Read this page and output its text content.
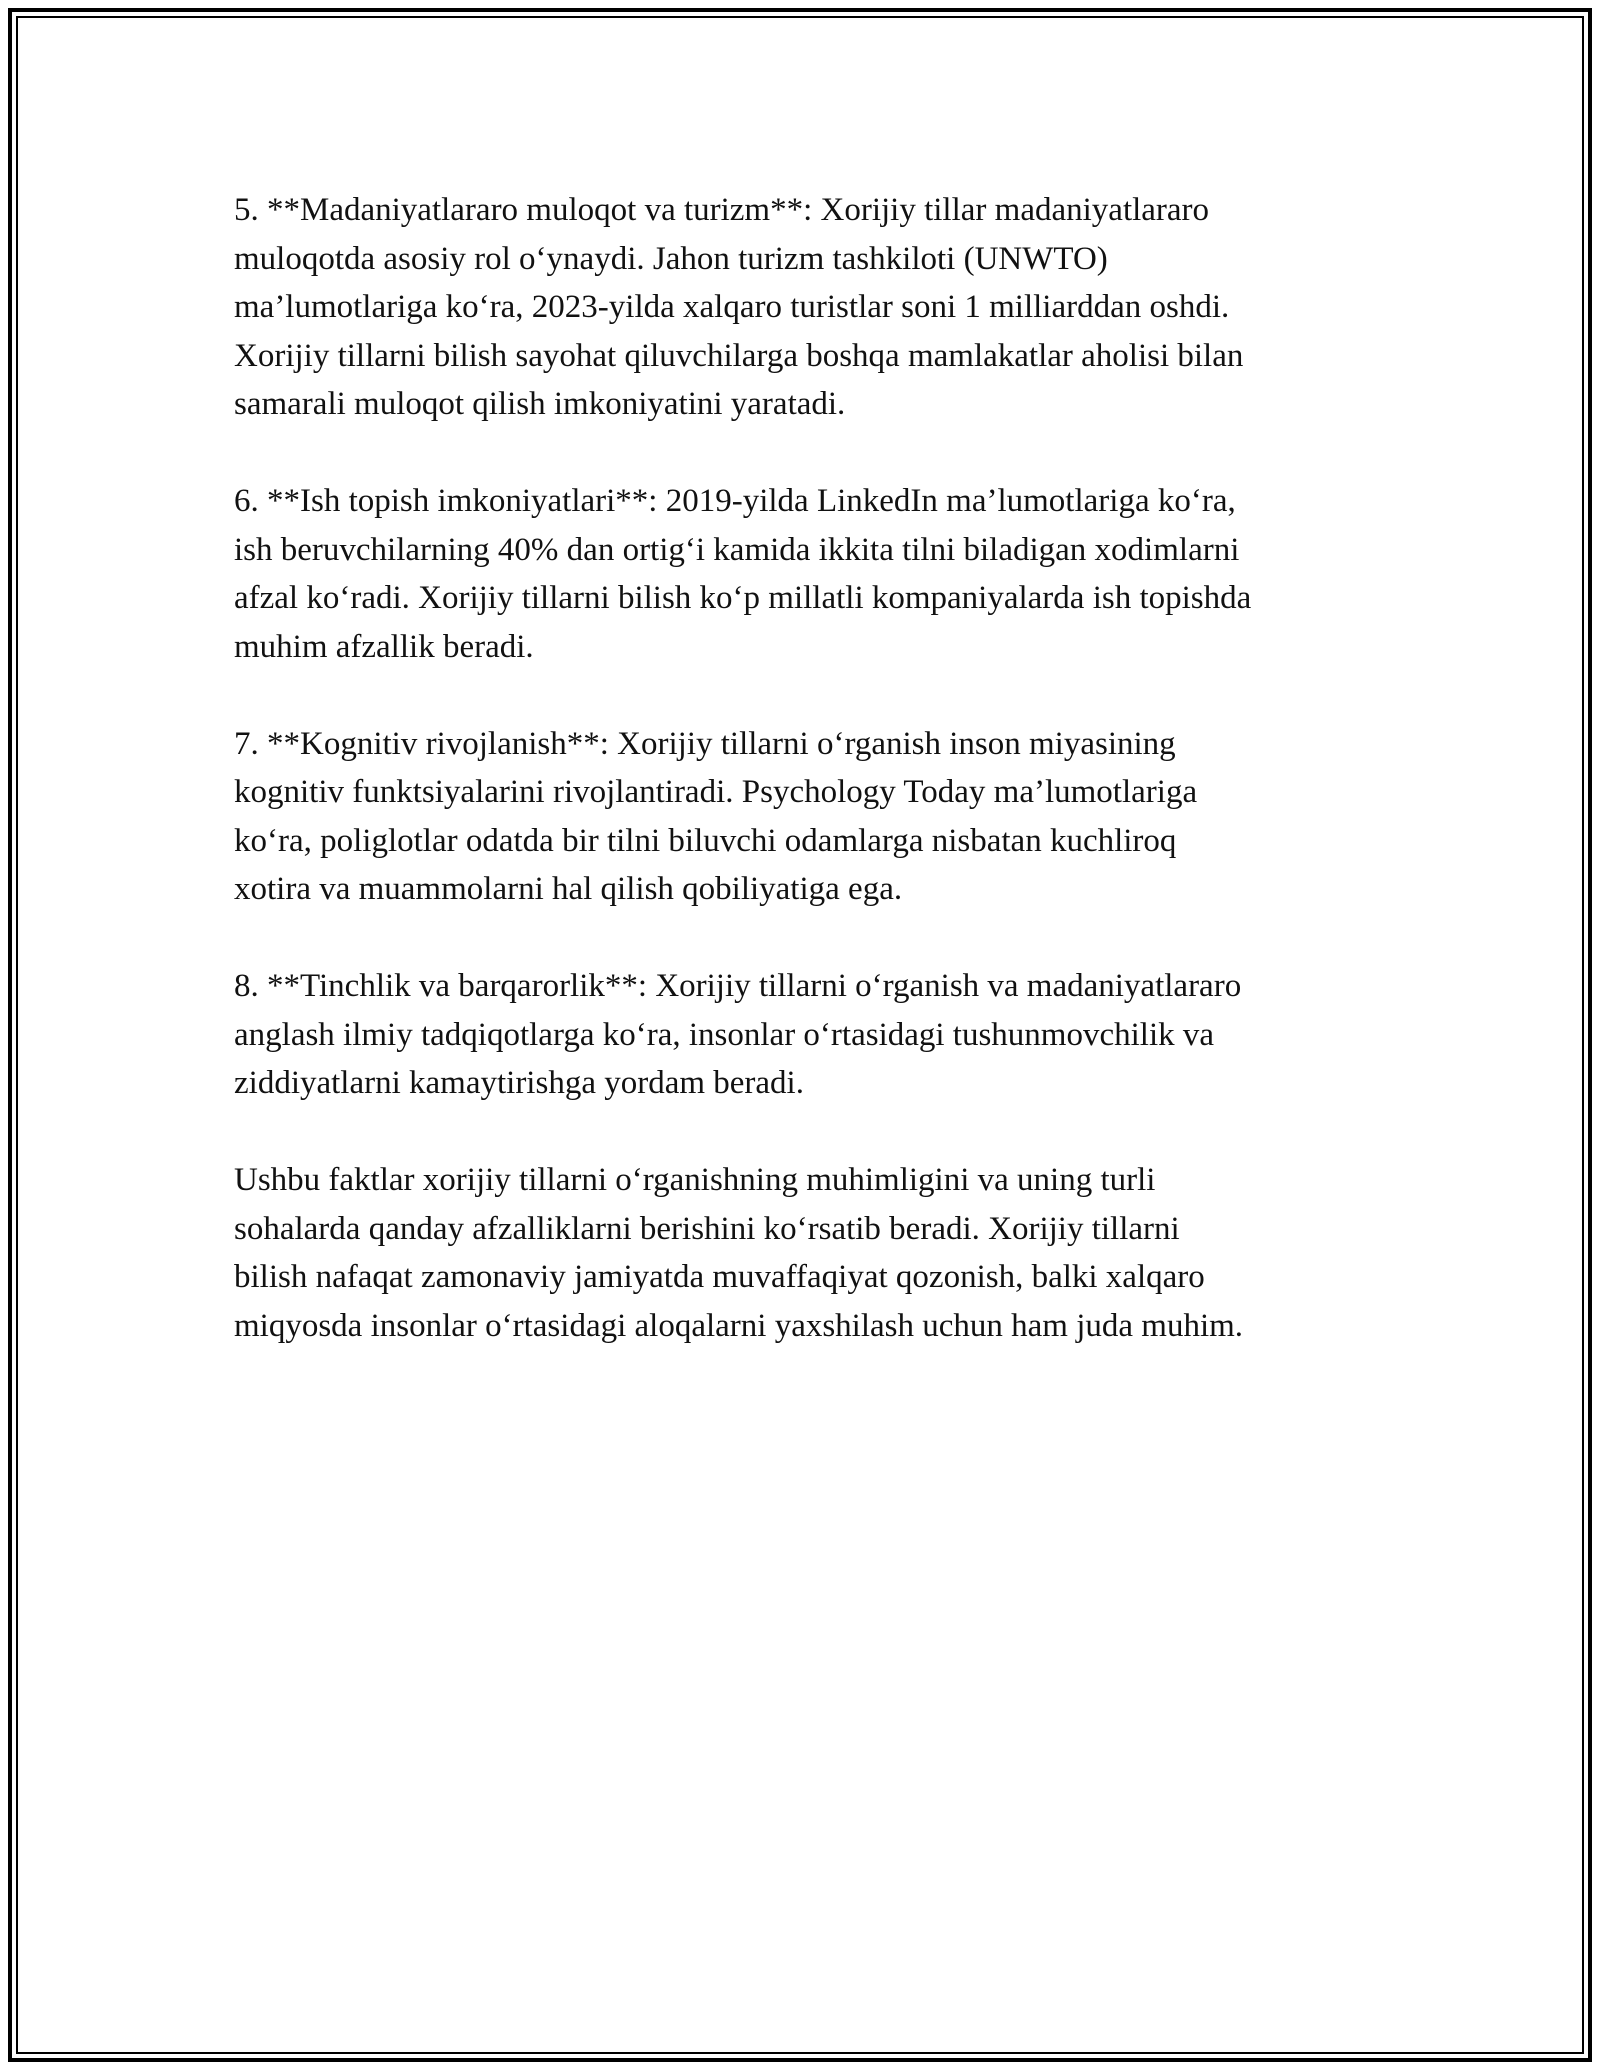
5. **Madaniyatlararo muloqot va turizm**: Xorijiy tillar madaniyatlararo
muloqotda asosiy rol o‘ynaydi. Jahon turizm tashkiloti (UNWTO)
ma’lumotlariga ko‘ra, 2023-yilda xalqaro turistlar soni 1 milliarddan oshdi.
Xorijiy tillarni bilish sayohat qiluvchilarga boshqa mamlakatlar aholisi bilan
samarali muloqot qilish imkoniyatini yaratadi.

6. **Ish topish imkoniyatlari**: 2019-yilda LinkedIn ma’lumotlariga ko‘ra,
ish beruvchilarning 40% dan ortig‘i kamida ikkita tilni biladigan xodimlarni
afzal ko‘radi. Xorijiy tillarni bilish ko‘p millatli kompaniyalarda ish topishda
muhim afzallik beradi.

7. **Kognitiv rivojlanish**: Xorijiy tillarni o‘rganish inson miyasining
kognitiv funktsiyalarini rivojlantiradi. Psychology Today ma’lumotlariga
ko‘ra, poliglotlar odatda bir tilni biluvchi odamlarga nisbatan kuchliroq
xotira va muammolarni hal qilish qobiliyatiga ega.

8. **Tinchlik va barqarorlik**: Xorijiy tillarni o‘rganish va madaniyatlararo
anglash ilmiy tadqiqotlarga ko‘ra, insonlar o‘rtasidagi tushunmovchilik va
ziddiyatlarni kamaytirishga yordam beradi.

Ushbu faktlar xorijiy tillarni o‘rganishning muhimligini va uning turli
sohalarda qanday afzalliklarni berishini ko‘rsatib beradi. Xorijiy tillarni
bilish nafaqat zamonaviy jamiyatda muvaffaqiyat qozonish, balki xalqaro
miqyosda insonlar o‘rtasidagi aloqalarni yaxshilash uchun ham juda muhim.
